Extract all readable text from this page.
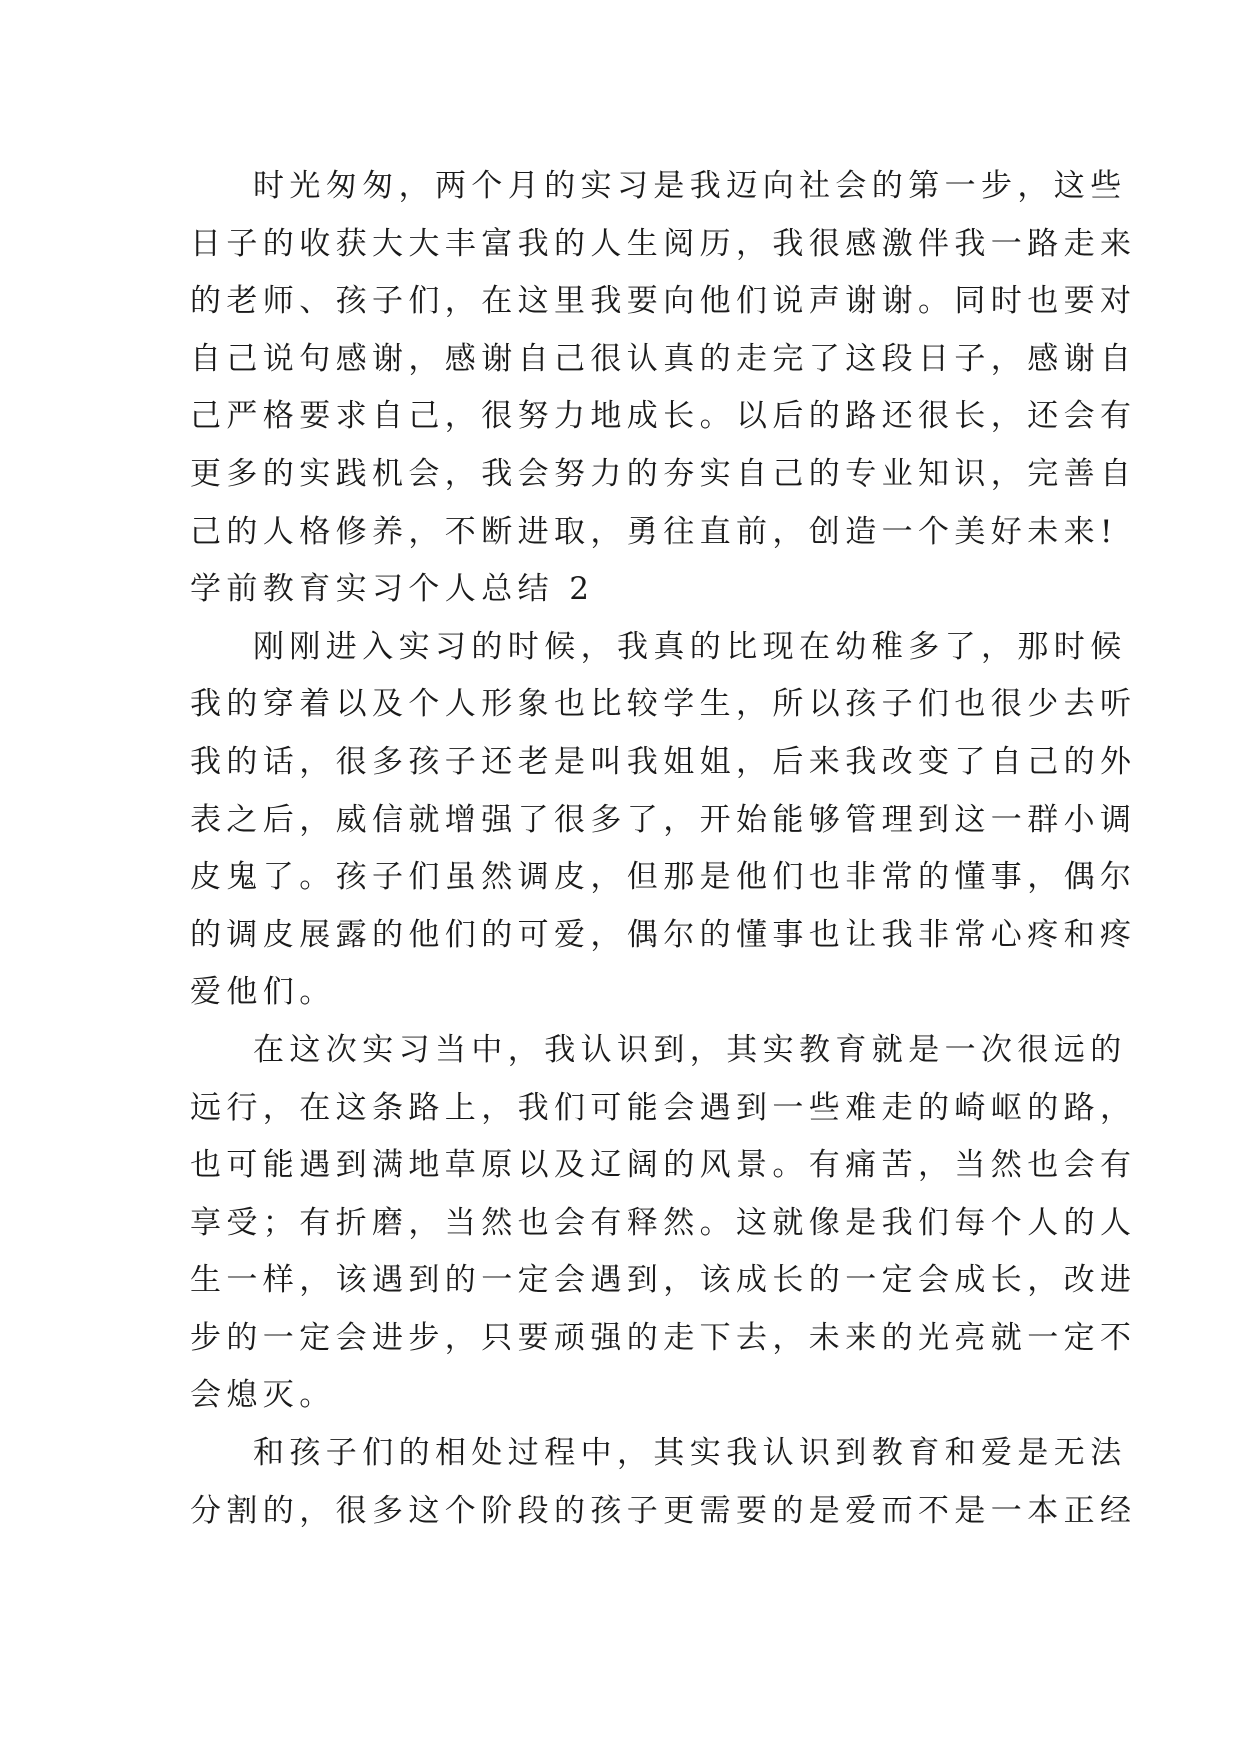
时光匆匆，两个月的实习是我迈向社会的第一步，这些
日子的收获大大丰富我的人生阅历，我很感激伴我一路走来
的老师、孩子们，在这里我要向他们说声谢谢。同时也要对
自己说句感谢，感谢自己很认真的走完了这段日子，感谢自
己严格要求自己，很努力地成长。以后的路还很长，还会有
更多的实践机会，我会努力的夯实自己的专业知识，完善自
己的人格修养，不断进取，勇往直前，创造一个美好未来!
学前教育实习个人总结 2
刚刚进入实习的时候，我真的比现在幼稚多了，那时候
我的穿着以及个人形象也比较学生，所以孩子们也很少去听
我的话，很多孩子还老是叫我姐姐，后来我改变了自己的外
表之后，威信就增强了很多了，开始能够管理到这一群小调
皮鬼了。孩子们虽然调皮，但那是他们也非常的懂事，偶尔
的调皮展露的他们的可爱，偶尔的懂事也让我非常心疼和疼
爱他们。
在这次实习当中，我认识到，其实教育就是一次很远的
远行，在这条路上，我们可能会遇到一些难走的崎岖的路，
也可能遇到满地草原以及辽阔的风景。有痛苦，当然也会有
享受；有折磨，当然也会有释然。这就像是我们每个人的人
生一样，该遇到的一定会遇到，该成长的一定会成长，改进
步的一定会进步，只要顽强的走下去，未来的光亮就一定不
会熄灭。
和孩子们的相处过程中，其实我认识到教育和爱是无法
分割的，很多这个阶段的孩子更需要的是爱而不是一本正经
